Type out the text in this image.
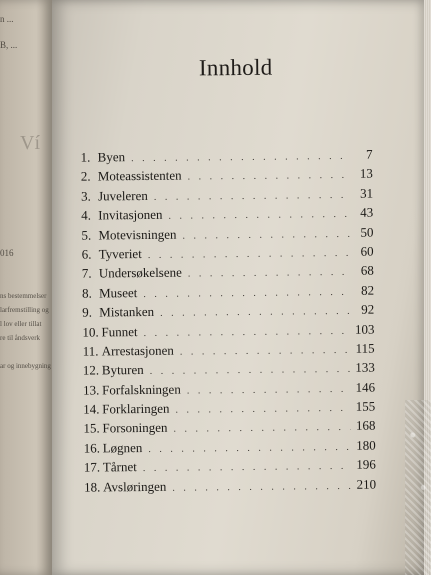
n ...
B, ...
Ví
016
ns bestemmelser
larfremstilling og
l lov eller tillat
re til åndsverk
ar og innebygning
Innhold
1. Byen . . .	7
2. Moteassistenten . . .	13
3. Juveleren . . .	31
4. Invitasjonen . . .	43
5. Motevisningen . . .	50
6. Tyveriet . . .	60
7. Undersøkelsene . . .	68
8. Museet . . .	82
9. Mistanken . . .	92
10. Funnet . . .	103
11. Arrestasjonen . . .	115
12. Byturen . . .	133
13. Forfalskningen . . .	146
14. Forklaringen . . .	155
15. Forsoningen . . .	168
16. Løgnen . . .	180
17. Tårnet . . .	196
18. Avsløringen . . .	210
